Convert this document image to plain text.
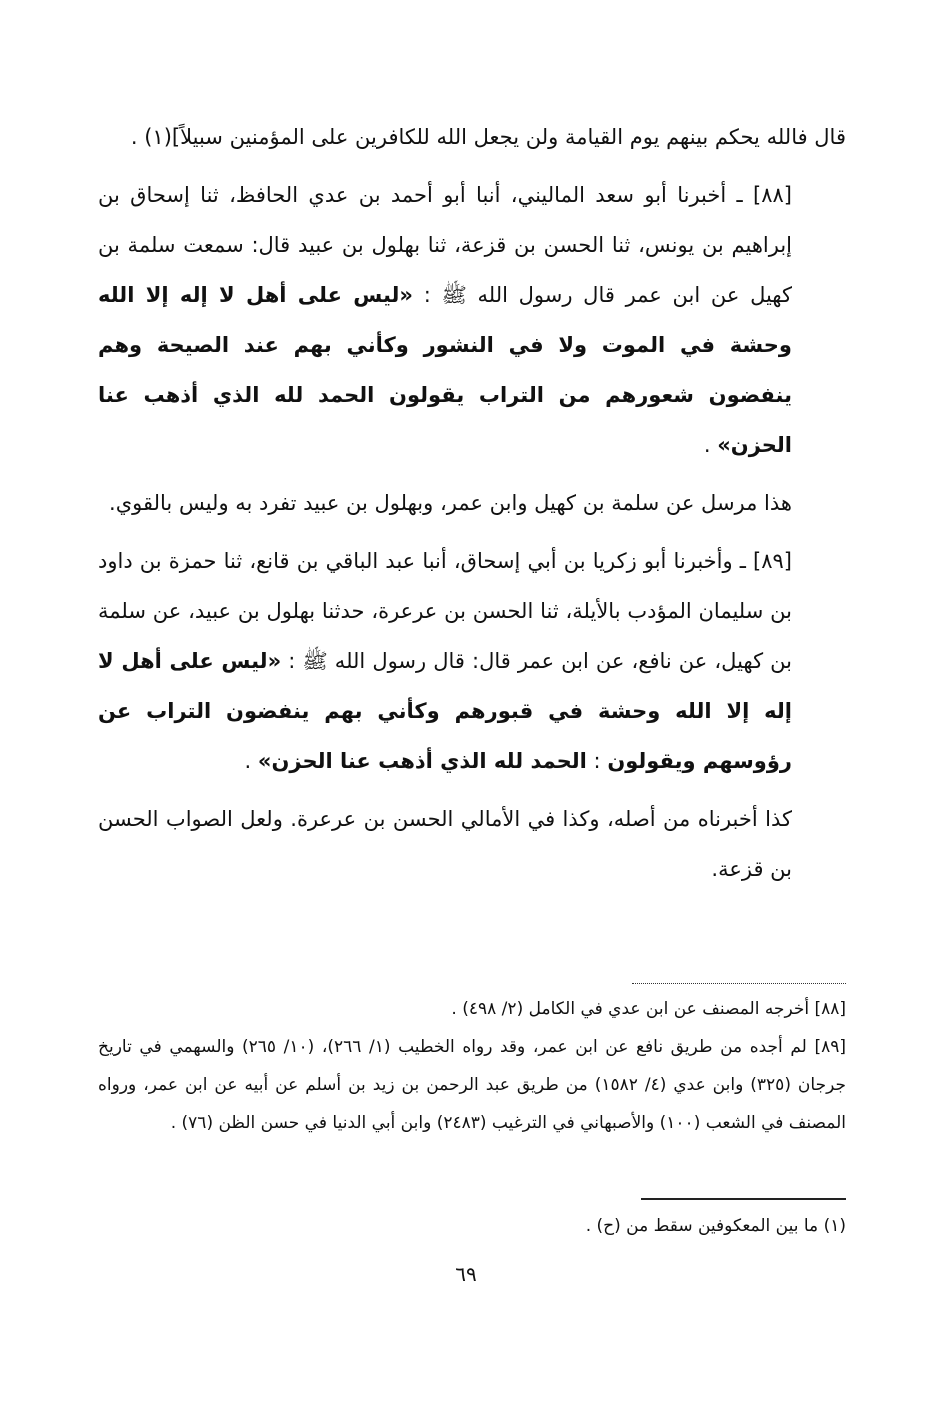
قال فالله يحكم بينهم يوم القيامة ولن يجعل الله للكافرين على المؤمنين سبيلاً](١) .

[٨٨] ـ أخبرنا أبو سعد الماليني، أنبا أبو أحمد بن عدي الحافظ، ثنا إسحاق بن إبراهيم بن يونس، ثنا الحسن بن قزعة، ثنا بهلول بن عبيد قال: سمعت سلمة بن كهيل عن ابن عمر قال رسول الله ﷺ : «ليس على أهل لا إله إلا الله وحشة في الموت ولا في النشور وكأني بهم عند الصيحة وهم ينفضون شعورهم من التراب يقولون الحمد لله الذي أذهب عنا الحزن» .

هذا مرسل عن سلمة بن كهيل وابن عمر، وبهلول بن عبيد تفرد به وليس بالقوي.

[٨٩] ـ وأخبرنا أبو زكريا بن أبي إسحاق، أنبا عبد الباقي بن قانع، ثنا حمزة بن داود بن سليمان المؤدب بالأيلة، ثنا الحسن بن عرعرة، حدثنا بهلول بن عبيد، عن سلمة بن كهيل، عن نافع، عن ابن عمر قال: قال رسول الله ﷺ : «ليس على أهل لا إله إلا الله وحشة في قبورهم وكأني بهم ينفضون التراب عن رؤوسهم ويقولون : الحمد لله الذي أذهب عنا الحزن» .

كذا أخبرناه من أصله، وكذا في الأمالي الحسن بن عرعرة. ولعل الصواب الحسن بن قزعة.

[٨٨] أخرجه المصنف عن ابن عدي في الكامل (٢/ ٤٩٨) .

[٨٩] لم أجده من طريق نافع عن ابن عمر، وقد رواه الخطيب (١/ ٢٦٦)، (١٠/ ٢٦٥) والسهمي في تاريخ جرجان (٣٢٥) وابن عدي (٤/ ١٥٨٢) من طريق عبد الرحمن بن زيد بن أسلم عن أبيه عن ابن عمر، ورواه المصنف في الشعب (١٠٠) والأصبهاني في الترغيب (٢٤٨٣) وابن أبي الدنيا في حسن الظن (٧٦) .

(١) ما بين المعكوفين سقط من (ح) .
٦٩
